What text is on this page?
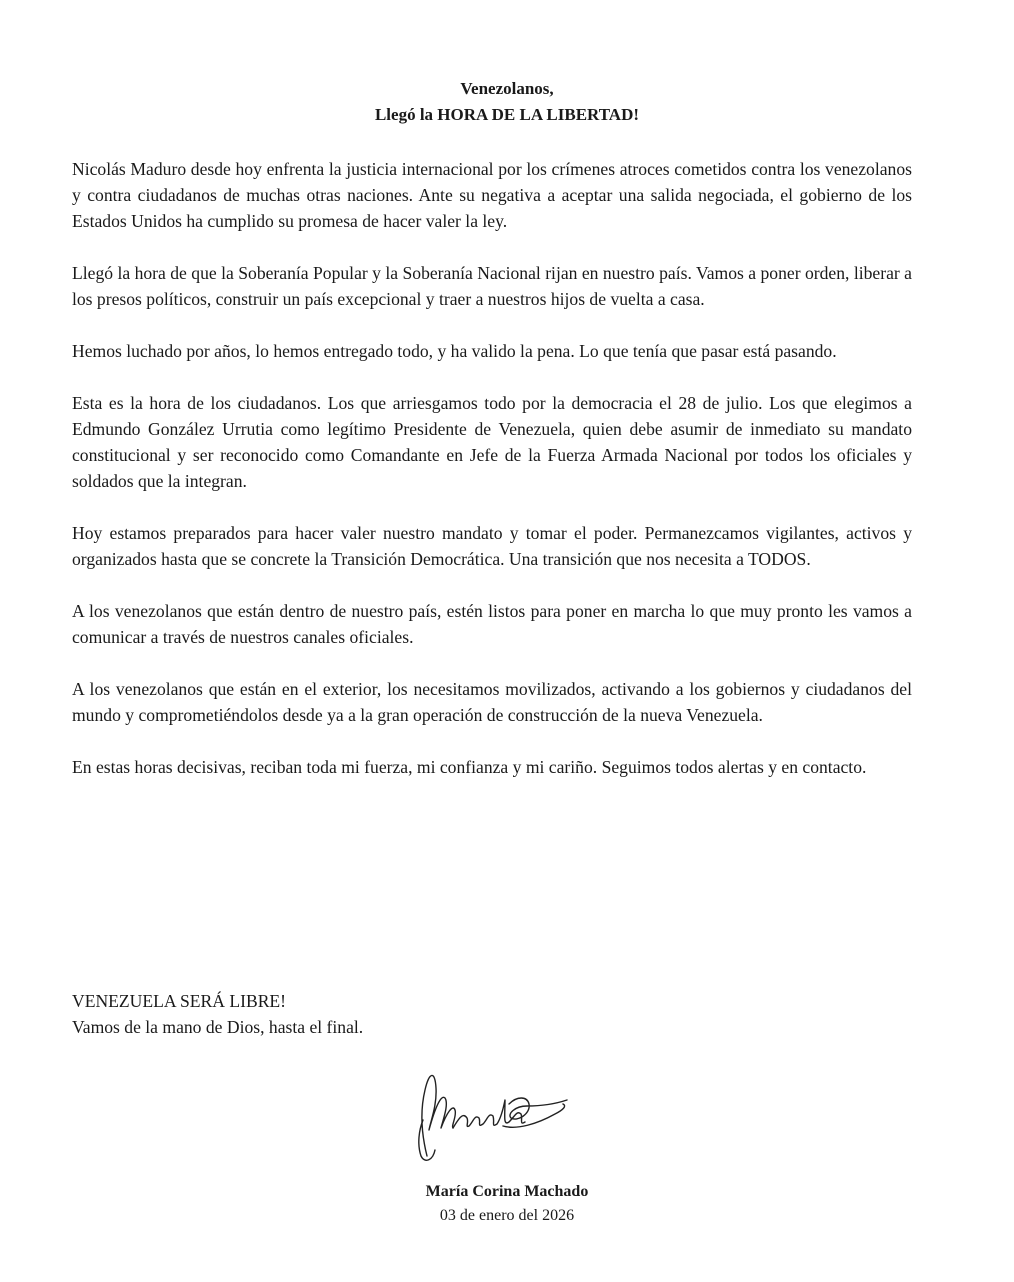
Venezolanos,
Llegó la HORA DE LA LIBERTAD!

Nicolás Maduro desde hoy enfrenta la justicia internacional por los crímenes atroces cometidos contra los venezolanos y contra ciudadanos de muchas otras naciones. Ante su negativa a aceptar una salida negociada, el gobierno de los Estados Unidos ha cumplido su promesa de hacer valer la ley.

Llegó la hora de que la Soberanía Popular y la Soberanía Nacional rijan en nuestro país. Vamos a poner orden, liberar a los presos políticos, construir un país excepcional y traer a nuestros hijos de vuelta a casa.

Hemos luchado por años, lo hemos entregado todo, y ha valido la pena. Lo que tenía que pasar está pasando.

Esta es la hora de los ciudadanos. Los que arriesgamos todo por la democracia el 28 de julio. Los que elegimos a Edmundo González Urrutia como legítimo Presidente de Venezuela, quien debe asumir de inmediato su mandato constitucional y ser reconocido como Comandante en Jefe de la Fuerza Armada Nacional por todos los oficiales y soldados que la integran.

Hoy estamos preparados para hacer valer nuestro mandato y tomar el poder. Permanezcamos vigilantes, activos y organizados hasta que se concrete la Transición Democrática. Una transición que nos necesita a TODOS.

A los venezolanos que están dentro de nuestro país, estén listos para poner en marcha lo que muy pronto les vamos a comunicar a través de nuestros canales oficiales.

A los venezolanos que están en el exterior, los necesitamos movilizados, activando a los gobiernos y ciudadanos del mundo y comprometiéndolos desde ya a la gran operación de construcción de la nueva Venezuela.

En estas horas decisivas, reciban toda mi fuerza, mi confianza y mi cariño. Seguimos todos alertas y en contacto.

VENEZUELA SERÁ LIBRE!
Vamos de la mano de Dios, hasta el final.
María Corina Machado
03 de enero del 2026
